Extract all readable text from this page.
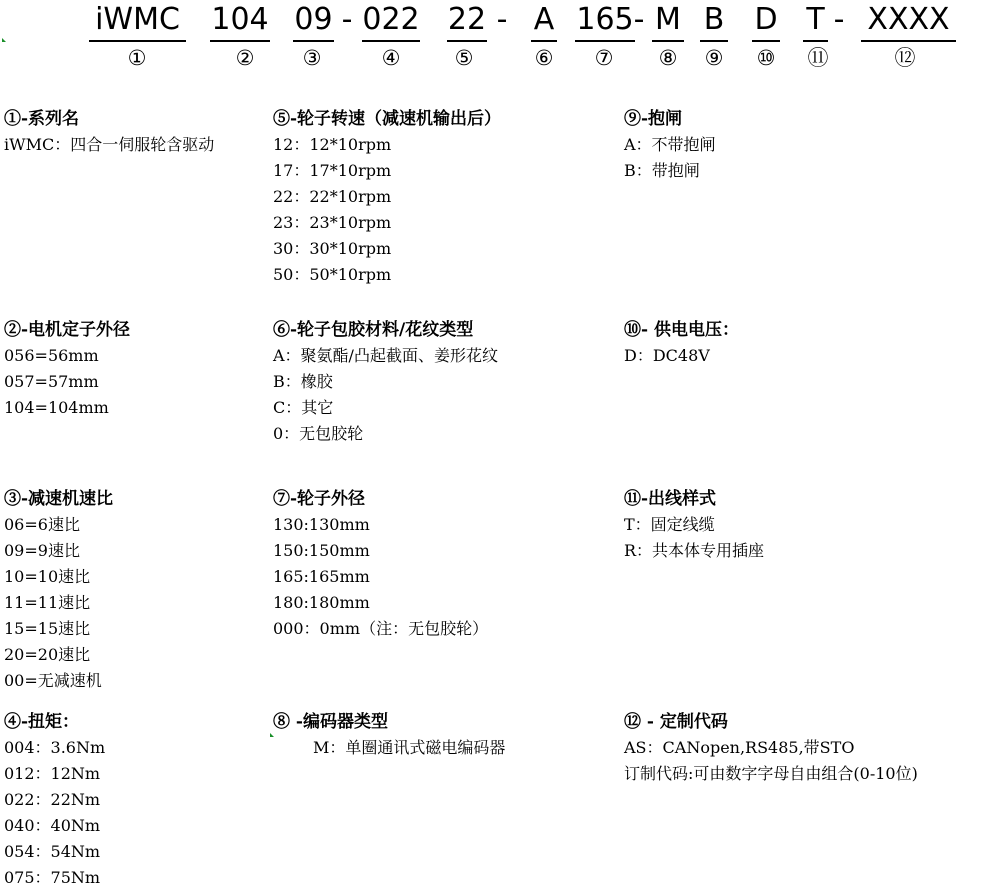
iWMC 104 09 - 022 22 - A 165 - M B D T - XXXX
①	② ③	④	⑤	⑥ ⑦ ⑧ ⑨ ⑩ ⑪	⑫
①-系列名
iWMC：四合一伺服轮含驱动
⑤-轮子转速（减速机输出后）
12：12*10rpm
17：17*10rpm
22：22*10rpm
23：23*10rpm
30：30*10rpm
50：50*10rpm
⑨-抱闸
A：不带抱闸
B：带抱闸
②-电机定子外径
056=56mm
057=57mm
104=104mm
⑥-轮子包胶材料/花纹类型
A：聚氨酯/凸起截面、姜形花纹
B：橡胶
C：其它
0：无包胶轮
⑩- 供电电压：
D：DC48V
③-减速机速比
06=6速比
09=9速比
10=10速比
11=11速比
15=15速比
20=20速比
00=无减速机
⑦-轮子外径
130:130mm
150:150mm
165:165mm
180:180mm
000：0mm（注：无包胶轮）
⑪-出线样式
T：固定线缆
R：共本体专用插座
④-扭矩：
004：3.6Nm
012：12Nm
022：22Nm
040：40Nm
054：54Nm
075：75Nm
⑧ -编码器类型
M：单圈通讯式磁电编码器
⑫ - 定制代码
AS：CANopen,RS485,带STO
订制代码:可由数字字母自由组合(0-10位)
